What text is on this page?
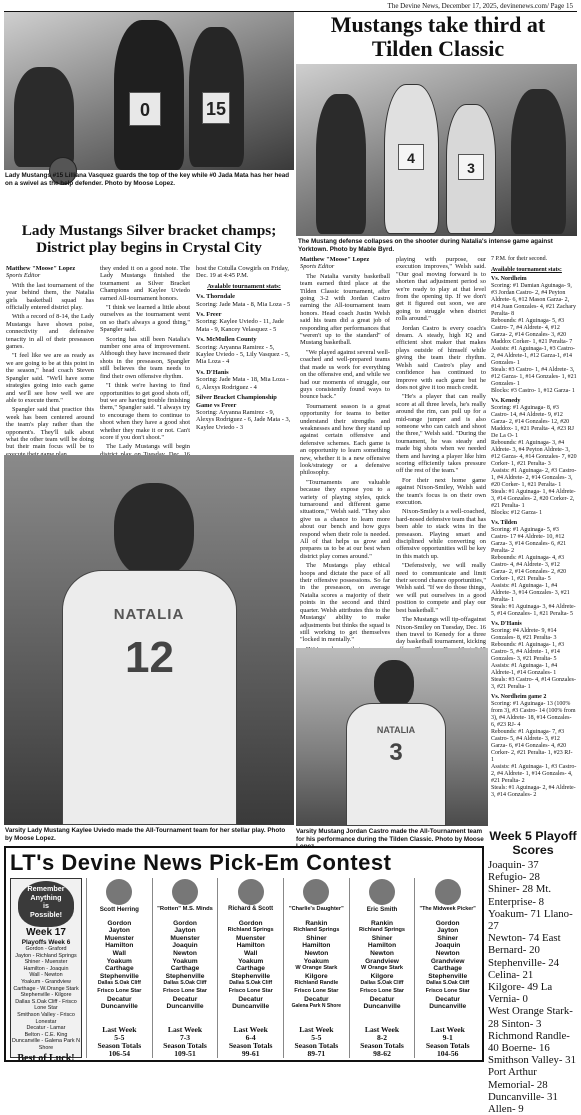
The Devine News, December 17, 2025, devinenews.com/ Page 15
15
0
Lady Mustangs #15 Lilliana Vasquez guards the top of the key while #0 Jada Mata has her head on a swivel as the help defender. Photo by Moose Lopez.
Mustangs take third at Tilden Classic
4
3
The Mustang defense collapses on the shooter during Natalia's intense game against Yorktown. Photo by Mable Byrd.
Lady Mustangs Silver bracket champs; District play begins in Crystal City
Matthew "Moose" Lopez
Sports Editor

With the last tournament of the year behind them, the Natalia girls basketball squad has officially entered district play.

With a record of 8-14, the Lady Mustangs have shown poise, connectivity and defensive tenacity in all of their preseason games.

"I feel like we are as ready as we are going to be at this point in the season," head coach Steven Spangler said. "We'll have some strategies going into each game and we'll see how well we are able to execute them."

Spangler said that practice this week has been centered around the team's play rather than the opponent's. They'll talk about what the other team will be doing but their main focus will be to

they ended it on a good note. The Lady Mustangs finished the tournament as Silver Bracket Champions and Kaylee Uviedo earned All-tournament honors.

"I think we learned a little about ourselves as the tournament went on so that's always a good thing," Spangler said.

Scoring has still been Natalia's number one area of improvement. Although they have increased their shots in the preseason, Spangler still believes the team needs to find their own offensive rhythm.

"I think we're having to find opportunities to get good shots off, but we are having trouble finishing them," Spangler said. "I always try to encourage them to continue to shoot when they have a good shot whether they make it or not. Can't score if you don't shoot."

The Lady Mustangs will begin

host the Cotulla Cowgirls on Friday, Dec. 19 at 4:45 P.M.

Avalable tournament stats:
Vs. Thorndale
Scoring: Jade Mata - 8, Mia Loza - 5
Vs. Freer
Scoring: Kaylee Uviedo - 11, Jade Mata - 9, Kancey Velasquez - 5
Vs. McMullen County
Scoring: Aryanna Ramirez - 5, Kaylee Uviedo - 5, Lily Vasquez - 5, Mia Loza - 4
Vs. D'Hanis
Scoring: Jade Mata - 18, Mia Loza - 6, Alexys Rodriguez - 4
Silver Bracket Championship Game vs Freer
Scoring: Aryanna Ramirez - 9, Alexys Rodriguez - 6, Jade Mata - 3, Kaylee Uviedo - 3
NATALIA
12
Varsity Lady Mustang Kaylee Uviedo made the All-Tournament team for her stellar play. Photo by Moose Lopez.
Matthew "Moose" Lopez
Sports Editor

The Natalia varsity basketball team earned third place at the Tilden Classic tournament, after going 3-2 with Jordan Castro earning the All-tournament team honors. Head coach Justin Welsh said his team did a great job of responding after performances that "weren't up to the standard" of Mustang basketball.

"We played against several well-coached and well-prepared teams that made us work for everything on the offensive end, and while we had our moments of struggle, our guys consistently found ways to bounce back."

Tournament season is a great opportunity for teams to better understand their strengths and weaknesses and how they stand up against certain offensive and defensive schemes. Each game is an opportunity to learn something new, whether it is a new offensive look/strategy or a defensive philosophy.

"Tournaments are valuable because they expose you to a variety of playing styles, quick turnaround and different game situations," Welsh said. "They also give us a chance to learn more about our bench and how guys respond when their role is needed. All of that helps us grow and prepares us to be at our best when district play comes around."

The Mustangs play ethical hoops and dictate the pace of all their offensive possessions. So far in the preseason, on average Natalia scores a majority of their points in the second and third quarter. Welsh attributes this to the Mustangs' ability to make adjustments but thinks the squad is still working to get themselves "locked in mentally."

playing with purpose, our execution improves," Welsh said. "Our goal moving forward is to shorten that adjustment period so we're ready to play at that level from the opening tip. If we don't get it figured out soon, we are going to struggle when district rolls around."

Jordan Castro is every coach's dream. A steady, high IQ and efficient shot maker that makes plays outside of himself while giving the team their rhythm. Welsh said Castro's play and confidence has continued to improve with each game but he does not give it too much credit.

"He's a player that can really score at all three levels, he's really around the rim, can pull up for a mid-range jumper and is also someone who can catch and shoot the three," Welsh said. "During the tournament, he was steady and made big shots when we needed them and having a player like him scoring efficiently takes pressure off the rest of the team."

For their next home game against Nixon-Smiley, Welsh said the team's focus is on their own execution.

Nixon-Smiley is a well-coached, hard-nosed defensive team that has been able to stack wins in the preseason. Playing smart and disciplined while converting on offensive opportunities will be key in this match up.

"Defensively, we will really need to communicate and limit their second chance opportunities," Welsh said. "If we do those things, we will put ourselves in a good position to compete and play our best basketball."

The Mustangs will tip-offagainst Nixon-Smiley on Tuesday, Dec. 16 then travel to Kenedy for a three day basketball tournament, kicking

7 P.M. for their second.
Available tournament stats:
Vs. Nordheim
Scoring: #1 Damian Aguinaga- 9, #3 Jordan Castro- 2, #4 Peyton Aldrete- 6, #12 Mason Garza- 2, #14 Juan Gonzales- 4, #21 Zachary Peralta- 8
Rebounds: #1 Aguinaga- 5, #3 Castro- 7, #4 Aldrete- 4, #12 Garza- 2, #14 Gonzales- 3, #20 Maddox Corker- 1, #21 Peralta- 7
Assists: #1 Aguinaga-1, #3 Castro- 2, #4 Aldrete-1, #12 Garza-1, #14 Gonzales- 1
Steals: #3 Castro- 1, #4 Aldrete- 3, #12 Garza- 1, #14 Gonzales- 1, #21 Gonzales- 1
Blocks: #3 Castro- 1, #12 Garza- 1
Vs. Kenedy
Scoring: #1 Aguinaga- 8, #3 Castro- 14, #4 Aldrete- 9, #12 Garza- 2, #14 Gonzales- 12, #20 Maddox- 1, #21 Peralta- 4, #23 RJ De La O- 1
Rebounds: #1 Aguinaga- 3, #4 Aldrete- 3, #4 Peyton Aldrete- 3, #12 Garza- 4, #14 Gonzales- 7, #20 Corker- 1, #21 Peralta- 3
Assists: #1 Aguinaga- 2, #3 Castro- 1, #4 Aldrete- 2, #14 Gonzales- 3, #20 Corker- 1, #21 Peralta- 1
Steals: #1 Aguinaga- 1, #4 Aldrete- 3, #14 Gonzales- 2, #20 Corker- 2, #21 Peralta- 1
Blocks: #12 Garza- 1
Vs. Tilden
Scoring: #1 Aguinaga- 5, #3 Castro- 17 #4 Aldrete- 10, #12 Garza- 3, #14 Gonzales- 6, #21 Peralta- 2
Rebounds: #1 Aguinaga- 4, #3 Castro- 4, #4 Aldrete- 3, #12 Garza- 2, #14 Gonzales- 2, #20 Corker- 1, #21 Peralta- 5
Assists: #1 Aguinaga- 1, #4 Aldrete- 3, #14 Gonzales- 3, #21 Peralta- 1
Steals: #1 Aguinaga- 3, #4 Aldrete- 5, #14 Gonzales- 1, #21 Peralta- 5
Vs. D'Hanis
Scoring: #4 Aldrete- 9, #14 Gonzales- 8, #21 Peralta- 3
Rebounds: #1 Aguinaga- 1, #3 Castro- 5, #4 Aldrete- 1, #14 Gonzales- 3, #21 Peralta- 5
Assists: #1 Aguinaga- 1, #4 Aldrete-1, #14 Gonzales- 1
Steals: #3 Castro- 4, #14 Gonzales- 3, #21 Peralta- 1
Vs. Nordheim game 2
Scoring: #1 Aguinaga- 13 (100% from 3), #3 Castro- 14 (100% from 3), #4 Aldrete- 18, #14 Gonzales- 6, #23 RJ- 4
Rebounds: #1 Aguinaga- 7, #3 Castro- 5, #4 Aldrete- 3, #12 Garza- 6, #14 Gonzales- 4, #20 Corker- 2, #21 Peralta- 1, #23 RJ- 1
Assists: #1 Aguinaga- 1, #3 Castro- 2, #4 Aldrete- 1, #14 Gonzales- 4, #21 Peralta- 2
Steals: #1 Aguinaga- 2, #4 Aldrete- 3, #14 Gonzales- 2
NATALIA
3
Varsity Mustang Jordan Castro made the All-Tournament team for his performance during the Tilden Classic. Photo by Moose Week 5 Playoff Scores
Joaquin- 37 Refugio- 28
Shiner- 28 Mt. Enterprise- 8
Yoakum- 71 Llano- 27
Newton- 74 East Bernard- 20
Stephenville- 24 Celina- 21
Kilgore- 49 La Vernia- 0
West Orange Stark- 28 Sinton- 3
Richmond Randle- 40 Boerne- 16
Smithson Valley- 31 Port Arthur Memorial- 28
Duncanville- 31 Allen- 9
LT's Devine News Pick-Em Contest
Remember
Anything
is
Possible!
Week 17
Playoffs Week 6
Gordon - Graford
Jayton - Richland Springs
Shiner - Muenster
Hamilton - Joaquin
Wall - Newton
Yoakum - Grandview
Carthage - W.Orange Stark
Stephenville - Kilgore
Dallas S.Oak Cliff - Frisco Lone Star
Smithson Valley - Frisco Lonestar
Decatur - Lamar
Belton - C.E. King
Duncanville - Galena Park N Shore
Best of Luck!
Scott Herring
Gordon
Jayton
Muenster
Hamilton
Wall
Yoakum
Carthage
Stephenville
Dallas S.Oak Cliff
Frisco Lone Star
Decatur
Duncanville
Last Week
5-5
Season Totals
106-54
"Rotten" M.S. Minds
Gordon
Jayton
Muenster
Joaquin
Newton
Yoakum
Carthage
Stephenville
Dallas S.Oak Cliff
Frisco Lone Star
Decatur
Duncanville
Last Week
7-3
Season Totals
109-51
Richard & Scott
Gordon
Richland Springs
Muenster
Hamilton
Wall
Yoakum
Carthage
Stephenville
Dallas S.Oak Cliff
Frisco Lone Star
Decatur
Duncanville
Last Week
6-4
Season Totals
99-61
"Charlie's Daughter"
Rankin
Richland Springs
Shiner
Hamilton
Newton
Yoakum
W Orange Stark
Kilgore
Richland Randle
Frisco Lone Star
Decatur
Galena Park N Shore
Last Week
5-5
Season Totals
89-71
Eric Smith
Rankin
Richland Springs
Shiner
Hamilton
Newton
Grandview
W Orange Stark
Kilgore
Dallas S.Oak Cliff
Frisco Lone Star
Decatur
Duncanville
Last Week
8-2
Season Totals
98-62
"The Midweek Picker"
Gordon
Jayton
Shiner
Joaquin
Newton
Grandview
Carthage
Stephenville
Dallas S.Oak Cliff
Frisco Lone Star
Decatur
Duncanville
Last Week
9-1
Season Totals
104-56
